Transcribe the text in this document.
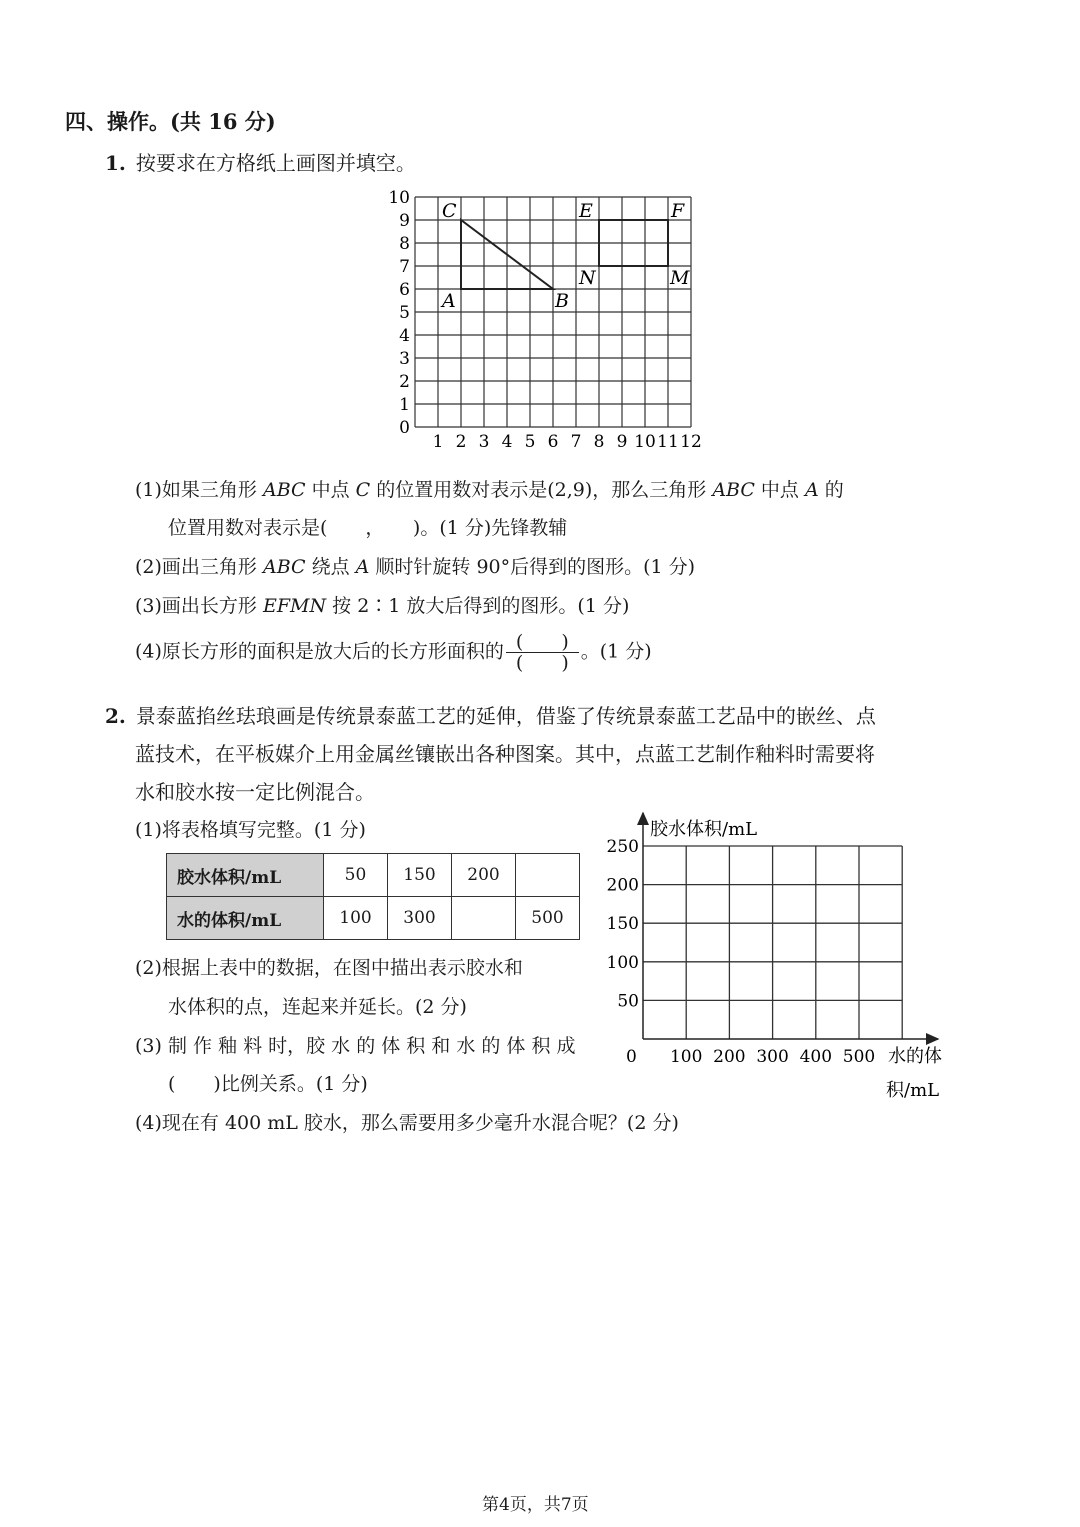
四、操作。(共 16 分)
1. 按要求在方格纸上画图并填空。
1 2 3 4 5 6 7 8 9 10 11 12
0
1
2
3
4
5
6
7
8
9
10
A	B
C	E	F
M
N
(1)如果三角形 ABC 中点 C 的位置用数对表示是(2,9)，那么三角形 ABC 中点 A 的
位置用数对表示是(　　，　　)。(1 分)先锋教辅
(2)画出三角形 ABC 绕点 A 顺时针旋转 90°后得到的图形。(1 分)
(3)画出长方形 EFMN 按 2∶1 放大后得到的图形。(1 分)
(4)原长方形的面积是放大后的长方形面积的 $\frac{( )}{( )}$ 。(1 分)
2. 景泰蓝掐丝珐琅画是传统景泰蓝工艺的延伸，借鉴了传统景泰蓝工艺品中的嵌丝、点
蓝技术，在平板媒介上用金属丝镶嵌出各种图案。其中，点蓝工艺制作釉料时需要将
水和胶水按一定比例混合。
(1)将表格填写完整。(1 分)
胶水体积/mL	50	150	200	
水的体积/mL	100	300		500
(2)根据上表中的数据，在图中描出表示胶水和
水体积的点，连起来并延长。(2 分)
(3) 制 作 釉 料 时，胶 水 的 体 积 和 水 的 体 积 成
(　　)比例关系。(1 分)
(4)现在有 400 mL 胶水，那么需要用多少毫升水混合呢？(2 分)
100 200 300 400 500
50
100
150
200
250
0
胶水体积/mL
水的体
积/mL
第4页，共7页
